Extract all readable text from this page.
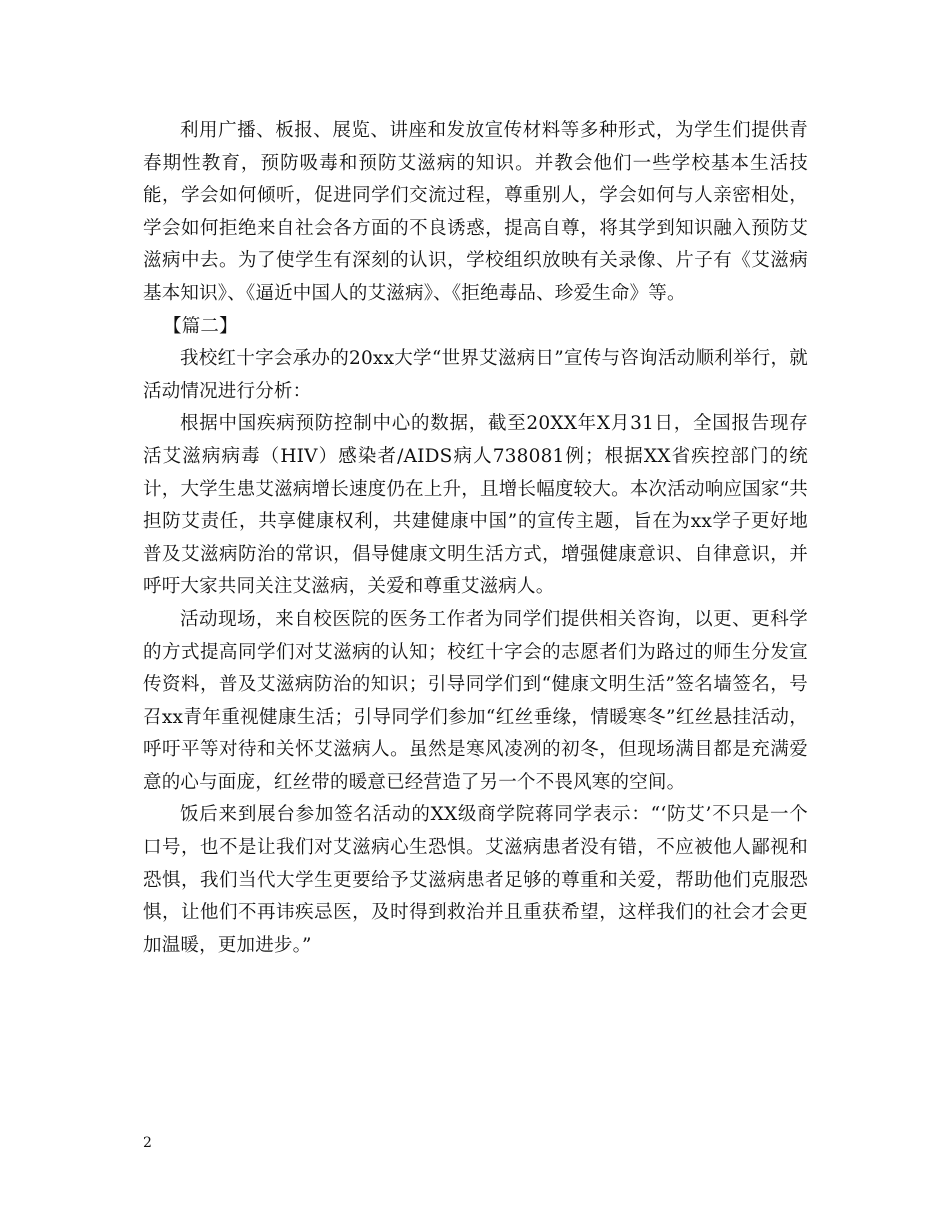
利用广播、板报、展览、讲座和发放宣传材料等多种形式，为学生们提供青春期性教育，预防吸毒和预防艾滋病的知识。并教会他们一些学校基本生活技能，学会如何倾听，促进同学们交流过程，尊重别人，学会如何与人亲密相处，学会如何拒绝来自社会各方面的不良诱惑，提高自尊，将其学到知识融入预防艾滋病中去。为了使学生有深刻的认识，学校组织放映有关录像、片子有《艾滋病基本知识》、《逼近中国人的艾滋病》、《拒绝毒品、珍爱生命》等。

【篇二】

我校红十字会承办的20xx大学“世界艾滋病日”宣传与咨询活动顺利举行，就活动情况进行分析：

根据中国疾病预防控制中心的数据，截至20XX年X月31日，全国报告现存活艾滋病病毒（HIV）感染者/AIDS病人738081例；根据XX省疾控部门的统计，大学生患艾滋病增长速度仍在上升，且增长幅度较大。本次活动响应国家“共担防艾责任，共享健康权利，共建健康中国”的宣传主题，旨在为xx学子更好地普及艾滋病防治的常识，倡导健康文明生活方式，增强健康意识、自律意识，并呼吁大家共同关注艾滋病，关爱和尊重艾滋病人。

活动现场，来自校医院的医务工作者为同学们提供相关咨询，以更、更科学的方式提高同学们对艾滋病的认知；校红十字会的志愿者们为路过的师生分发宣传资料，普及艾滋病防治的知识；引导同学们到“健康文明生活”签名墙签名，号召xx青年重视健康生活；引导同学们参加“红丝垂缘，情暖寒冬”红丝悬挂活动，呼吁平等对待和关怀艾滋病人。虽然是寒风凌冽的初冬，但现场满目都是充满爱意的心与面庞，红丝带的暖意已经营造了另一个不畏风寒的空间。

饭后来到展台参加签名活动的XX级商学院蒋同学表示：“‘防艾’不只是一个口号，也不是让我们对艾滋病心生恐惧。艾滋病患者没有错，不应被他人鄙视和恐惧，我们当代大学生更要给予艾滋病患者足够的尊重和关爱，帮助他们克服恐惧，让他们不再讳疾忌医，及时得到救治并且重获希望，这样我们的社会才会更加温暖，更加进步。”

2
